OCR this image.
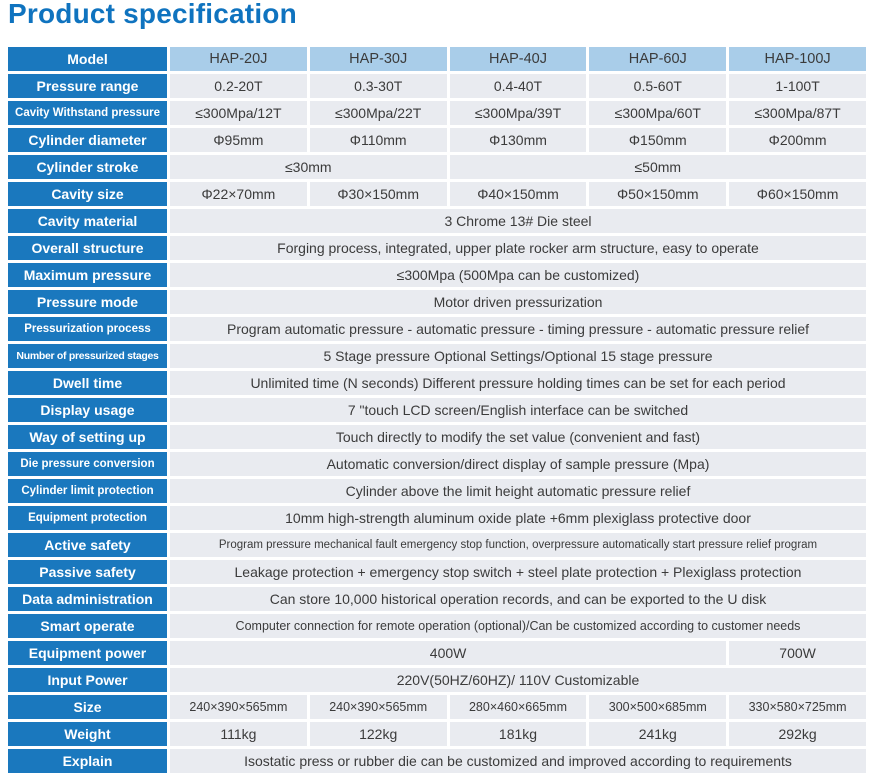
Product specification
Model	HAP-20J	HAP-30J	HAP-40J	HAP-60J	HAP-100J
Pressure range	0.2-20T	0.3-30T	0.4-40T	0.5-60T	1-100T
Cavity Withstand pressure	≤300Mpa/12T	≤300Mpa/22T	≤300Mpa/39T	≤300Mpa/60T	≤300Mpa/87T
Cylinder diameter	Φ95mm	Φ110mm	Φ130mm	Φ150mm	Φ200mm
Cylinder stroke	≤30mm	≤50mm
Cavity size	Φ22×70mm	Φ30×150mm	Φ40×150mm	Φ50×150mm	Φ60×150mm
Cavity material	3 Chrome 13# Die steel
Overall structure	Forging process, integrated, upper plate rocker arm structure, easy to operate
Maximum pressure	≤300Mpa (500Mpa can be customized)
Pressure mode	Motor driven pressurization
Pressurization process	Program automatic pressure - automatic pressure - timing pressure - automatic pressure relief
Number of pressurized stages	5 Stage pressure Optional Settings/Optional 15 stage pressure
Dwell time	Unlimited time (N seconds) Different pressure holding times can be set for each period
Display usage	7 "touch LCD screen/English interface can be switched
Way of setting up	Touch directly to modify the set value (convenient and fast)
Die pressure conversion	Automatic conversion/direct display of sample pressure (Mpa)
Cylinder limit protection	Cylinder above the limit height automatic pressure relief
Equipment protection	10mm high-strength aluminum oxide plate +6mm plexiglass protective door
Active safety	Program pressure mechanical fault emergency stop function, overpressure automatically start pressure relief program
Passive safety	Leakage protection + emergency stop switch + steel plate protection + Plexiglass protection
Data administration	Can store 10,000 historical operation records, and can be exported to the U disk
Smart operate	Computer connection for remote operation (optional)/Can be customized according to customer needs
Equipment power	400W	700W
Input Power	220V(50HZ/60HZ)/ 110V Customizable
Size	240×390×565mm	240×390×565mm	280×460×665mm	300×500×685mm	330×580×725mm
Weight	111kg	122kg	181kg	241kg	292kg
Explain	Isostatic press or rubber die can be customized and improved according to requirements
